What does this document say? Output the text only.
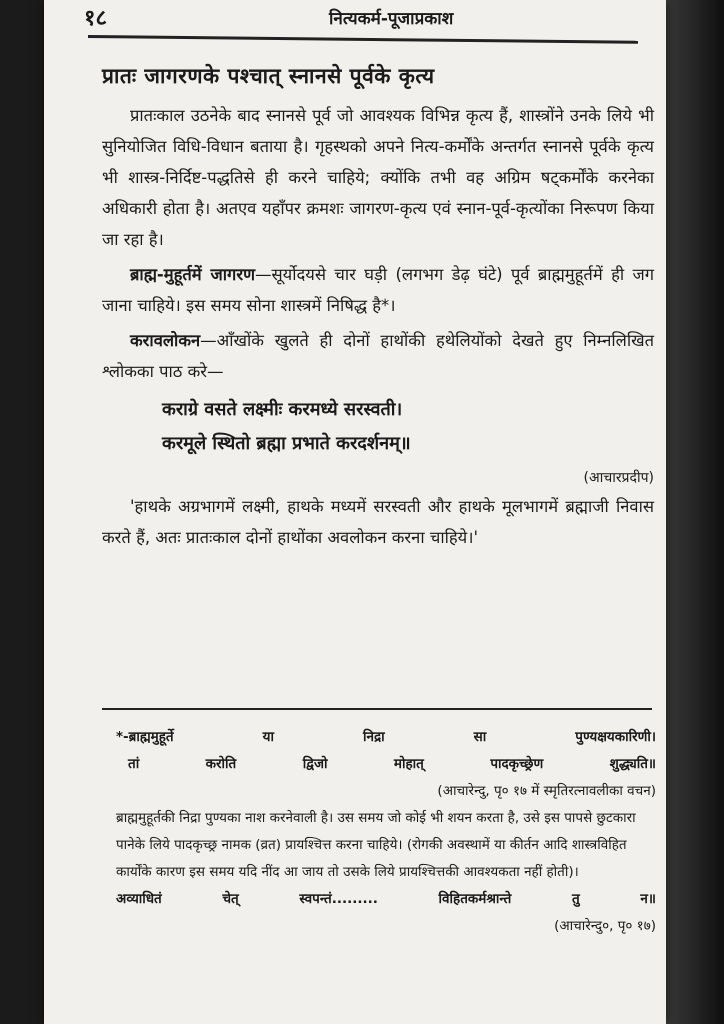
१८	नित्यकर्म-पूजाप्रकाश
प्रातः जागरणके पश्चात् स्नानसे पूर्वके कृत्य

प्रातःकाल उठनेके बाद स्नानसे पूर्व जो आवश्यक विभिन्न कृत्य हैं, शास्त्रोंने उनके लिये भी सुनियोजित विधि-विधान बताया है। गृहस्थको अपने नित्य-कर्मोंके अन्तर्गत स्नानसे पूर्वके कृत्य भी शास्त्र-निर्दिष्ट-पद्धतिसे ही करने चाहिये; क्योंकि तभी वह अग्रिम षट्कर्मोंके करनेका अधिकारी होता है। अतएव यहाँपर क्रमशः जागरण-कृत्य एवं स्नान-पूर्व-कृत्योंका निरूपण किया जा रहा है।

ब्राह्म-मुहूर्तमें जागरण—सूर्योदयसे चार घड़ी (लगभग डेढ़ घंटे) पूर्व ब्राह्ममुहूर्तमें ही जग जाना चाहिये। इस समय सोना शास्त्रमें निषिद्ध है*।

करावलोकन—आँखोंके खुलते ही दोनों हाथोंकी हथेलियोंको देखते हुए निम्नलिखित श्लोकका पाठ करे—

कराग्रे वसते लक्ष्मीः करमध्ये सरस्वती।
करमूले स्थितो ब्रह्मा प्रभाते करदर्शनम्॥
(आचारप्रदीप)

'हाथके अग्रभागमें लक्ष्मी, हाथके मध्यमें सरस्वती और हाथके मूलभागमें ब्रह्माजी निवास करते हैं, अतः प्रातःकाल दोनों हाथोंका अवलोकन करना चाहिये।'

*-ब्राह्ममुहूर्ते	या	निद्रा	सा	पुण्यक्षयकारिणी।
तां	करोति	द्विजो	मोहात्	पादकृच्छ्रेण	शुद्ध्यति॥
(आचारेन्दु, पृ० १७ में स्मृतिरत्नावलीका वचन)

ब्राह्ममुहूर्तकी निद्रा पुण्यका नाश करनेवाली है। उस समय जो कोई भी शयन करता है, उसे इस पापसे छुटकारा पानेके लिये पादकृच्छ्र नामक (व्रत) प्रायश्चित्त करना चाहिये। (रोगकी अवस्थामें या कीर्तन आदि शास्त्रविहित कार्योंके कारण इस समय यदि नींद आ जाय तो उसके लिये प्रायश्चित्तकी आवश्यकता नहीं होती)।

अव्याधितं	चेत्	स्वपन्तं.........	विहितकर्मश्रान्ते	तु	न॥
(आचारेन्दु०, पृ० १७)
